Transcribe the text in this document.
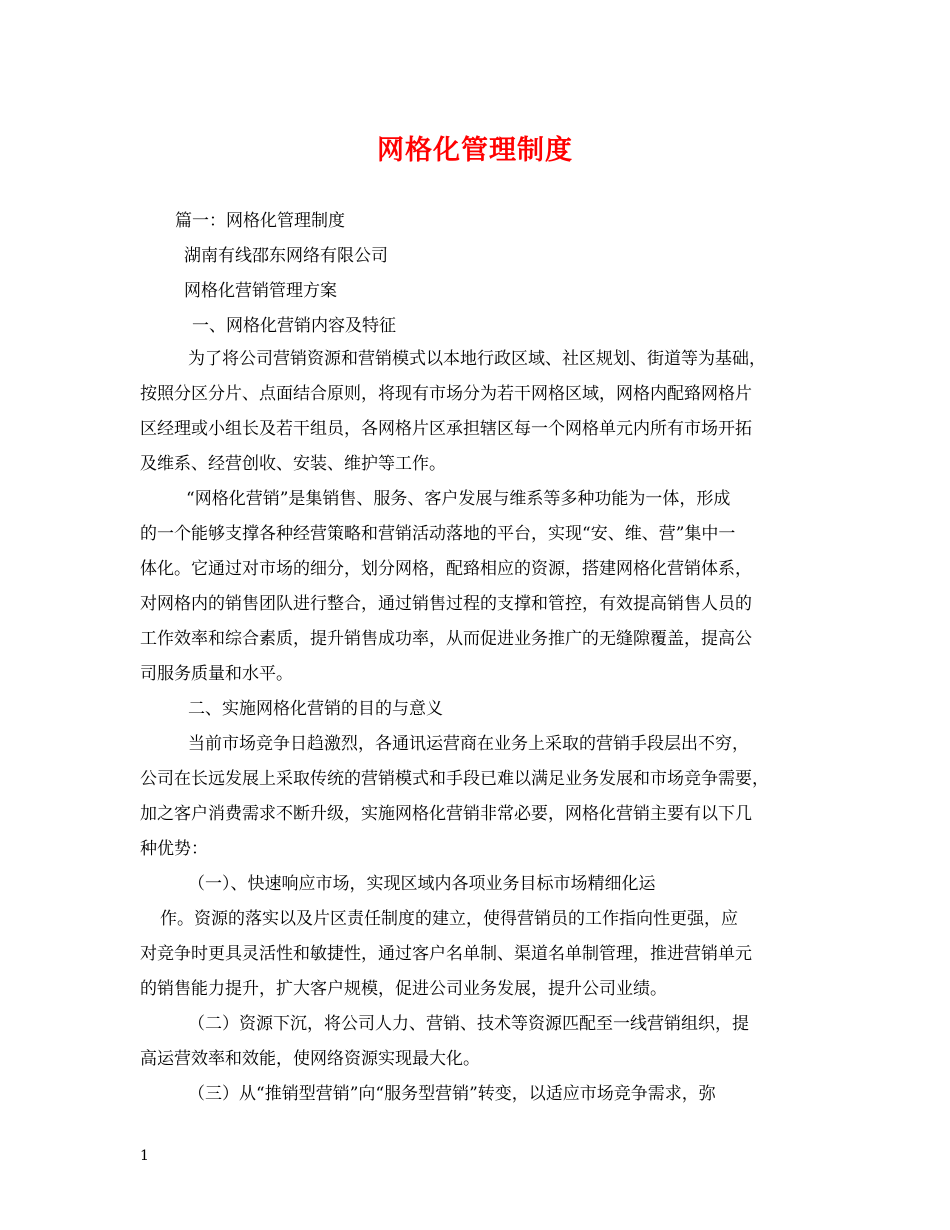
网格化管理制度
篇一：网格化管理制度
湖南有线邵东网络有限公司
网格化营销管理方案
一、网格化营销内容及特征
为了将公司营销资源和营销模式以本地行政区域、社区规划、街道等为基础，
按照分区分片、点面结合原则，将现有市场分为若干网格区域，网格内配臵网格片
区经理或小组长及若干组员，各网格片区承担辖区每一个网格单元内所有市场开拓
及维系、经营创收、安装、维护等工作。
“网格化营销”是集销售、服务、客户发展与维系等多种功能为一体，形成
的一个能够支撑各种经营策略和营销活动落地的平台，实现“安、维、营”集中一
体化。它通过对市场的细分，划分网格，配臵相应的资源，搭建网格化营销体系，
对网格内的销售团队进行整合，通过销售过程的支撑和管控，有效提高销售人员的
工作效率和综合素质，提升销售成功率，从而促进业务推广的无缝隙覆盖，提高公
司服务质量和水平。
二、实施网格化营销的目的与意义
当前市场竞争日趋激烈，各通讯运营商在业务上采取的营销手段层出不穷，
公司在长远发展上采取传统的营销模式和手段已难以满足业务发展和市场竞争需要，
加之客户消费需求不断升级，实施网格化营销非常必要，网格化营销主要有以下几
种优势：
（一）、快速响应市场，实现区域内各项业务目标市场精细化运
作。资源的落实以及片区责任制度的建立，使得营销员的工作指向性更强，应
对竞争时更具灵活性和敏捷性，通过客户名单制、渠道名单制管理，推进营销单元
的销售能力提升，扩大客户规模，促进公司业务发展，提升公司业绩。
（二）资源下沉，将公司人力、营销、技术等资源匹配至一线营销组织，提
高运营效率和效能，使网络资源实现最大化。
（三）从“推销型营销”向“服务型营销”转变，以适应市场竞争需求，弥
1
